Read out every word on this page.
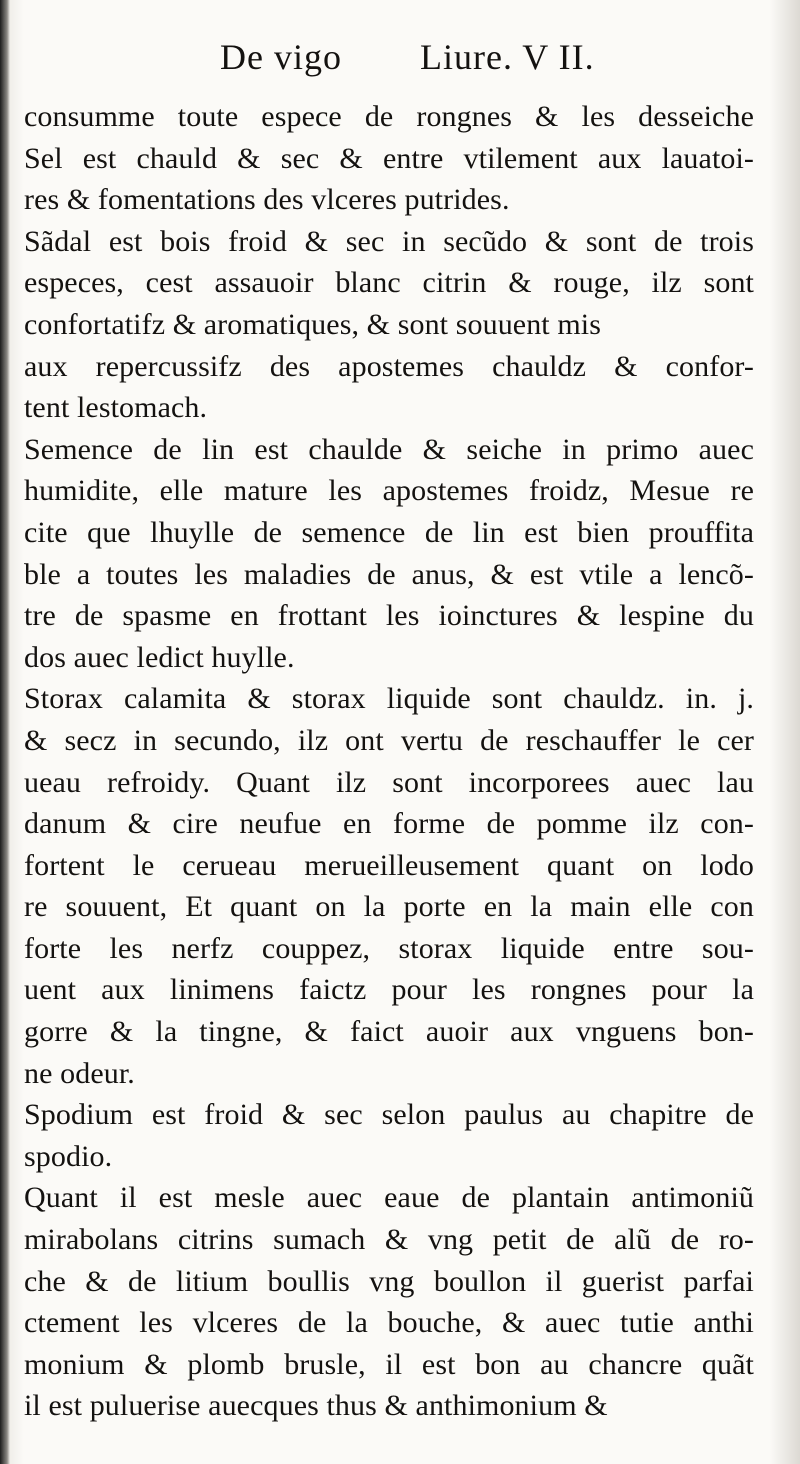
De vigo Liure. V II.
consumme toute espece de rongnes & les desseiche
Sel est chauld & sec & entre vtilement aux lauatoi-
res & fomentations des vlceres putrides.
Sãdal est bois froid & sec in secũdo & sont de trois
especes, cest assauoir blanc citrin & rouge, ilz sont
confortatifz & aromatiques, & sont souuent mis
aux repercussifz des apostemes chauldz & confor-
tent lestomach.
Semence de lin est chaulde & seiche in primo auec
humidite, elle mature les apostemes froidz, Mesue re
cite que lhuylle de semence de lin est bien prouffita
ble a toutes les maladies de anus, & est vtile a lencõ-
tre de spasme en frottant les ioinctures & lespine du
dos auec ledict huylle.
Storax calamita & storax liquide sont chauldz. in. j.
& secz in secundo, ilz ont vertu de reschauffer le cer
ueau refroidy. Quant ilz sont incorporees auec lau
danum & cire neufue en forme de pomme ilz con-
fortent le cerueau merueilleusement quant on lodo
re souuent, Et quant on la porte en la main elle con
forte les nerfz couppez, storax liquide entre sou-
uent aux linimens faictz pour les rongnes pour la
gorre & la tingne, & faict auoir aux vnguens bon-
ne odeur.
Spodium est froid & sec selon paulus au chapitre de
spodio.
Quant il est mesle auec eaue de plantain antimoniũ
mirabolans citrins sumach & vng petit de alũ de ro-
che & de litium boullis vng boullon il guerist parfai
ctement les vlceres de la bouche, & auec tutie anthi
monium & plomb brusle, il est bon au chancre quãt
il est puluerise auecques thus & anthimonium &
